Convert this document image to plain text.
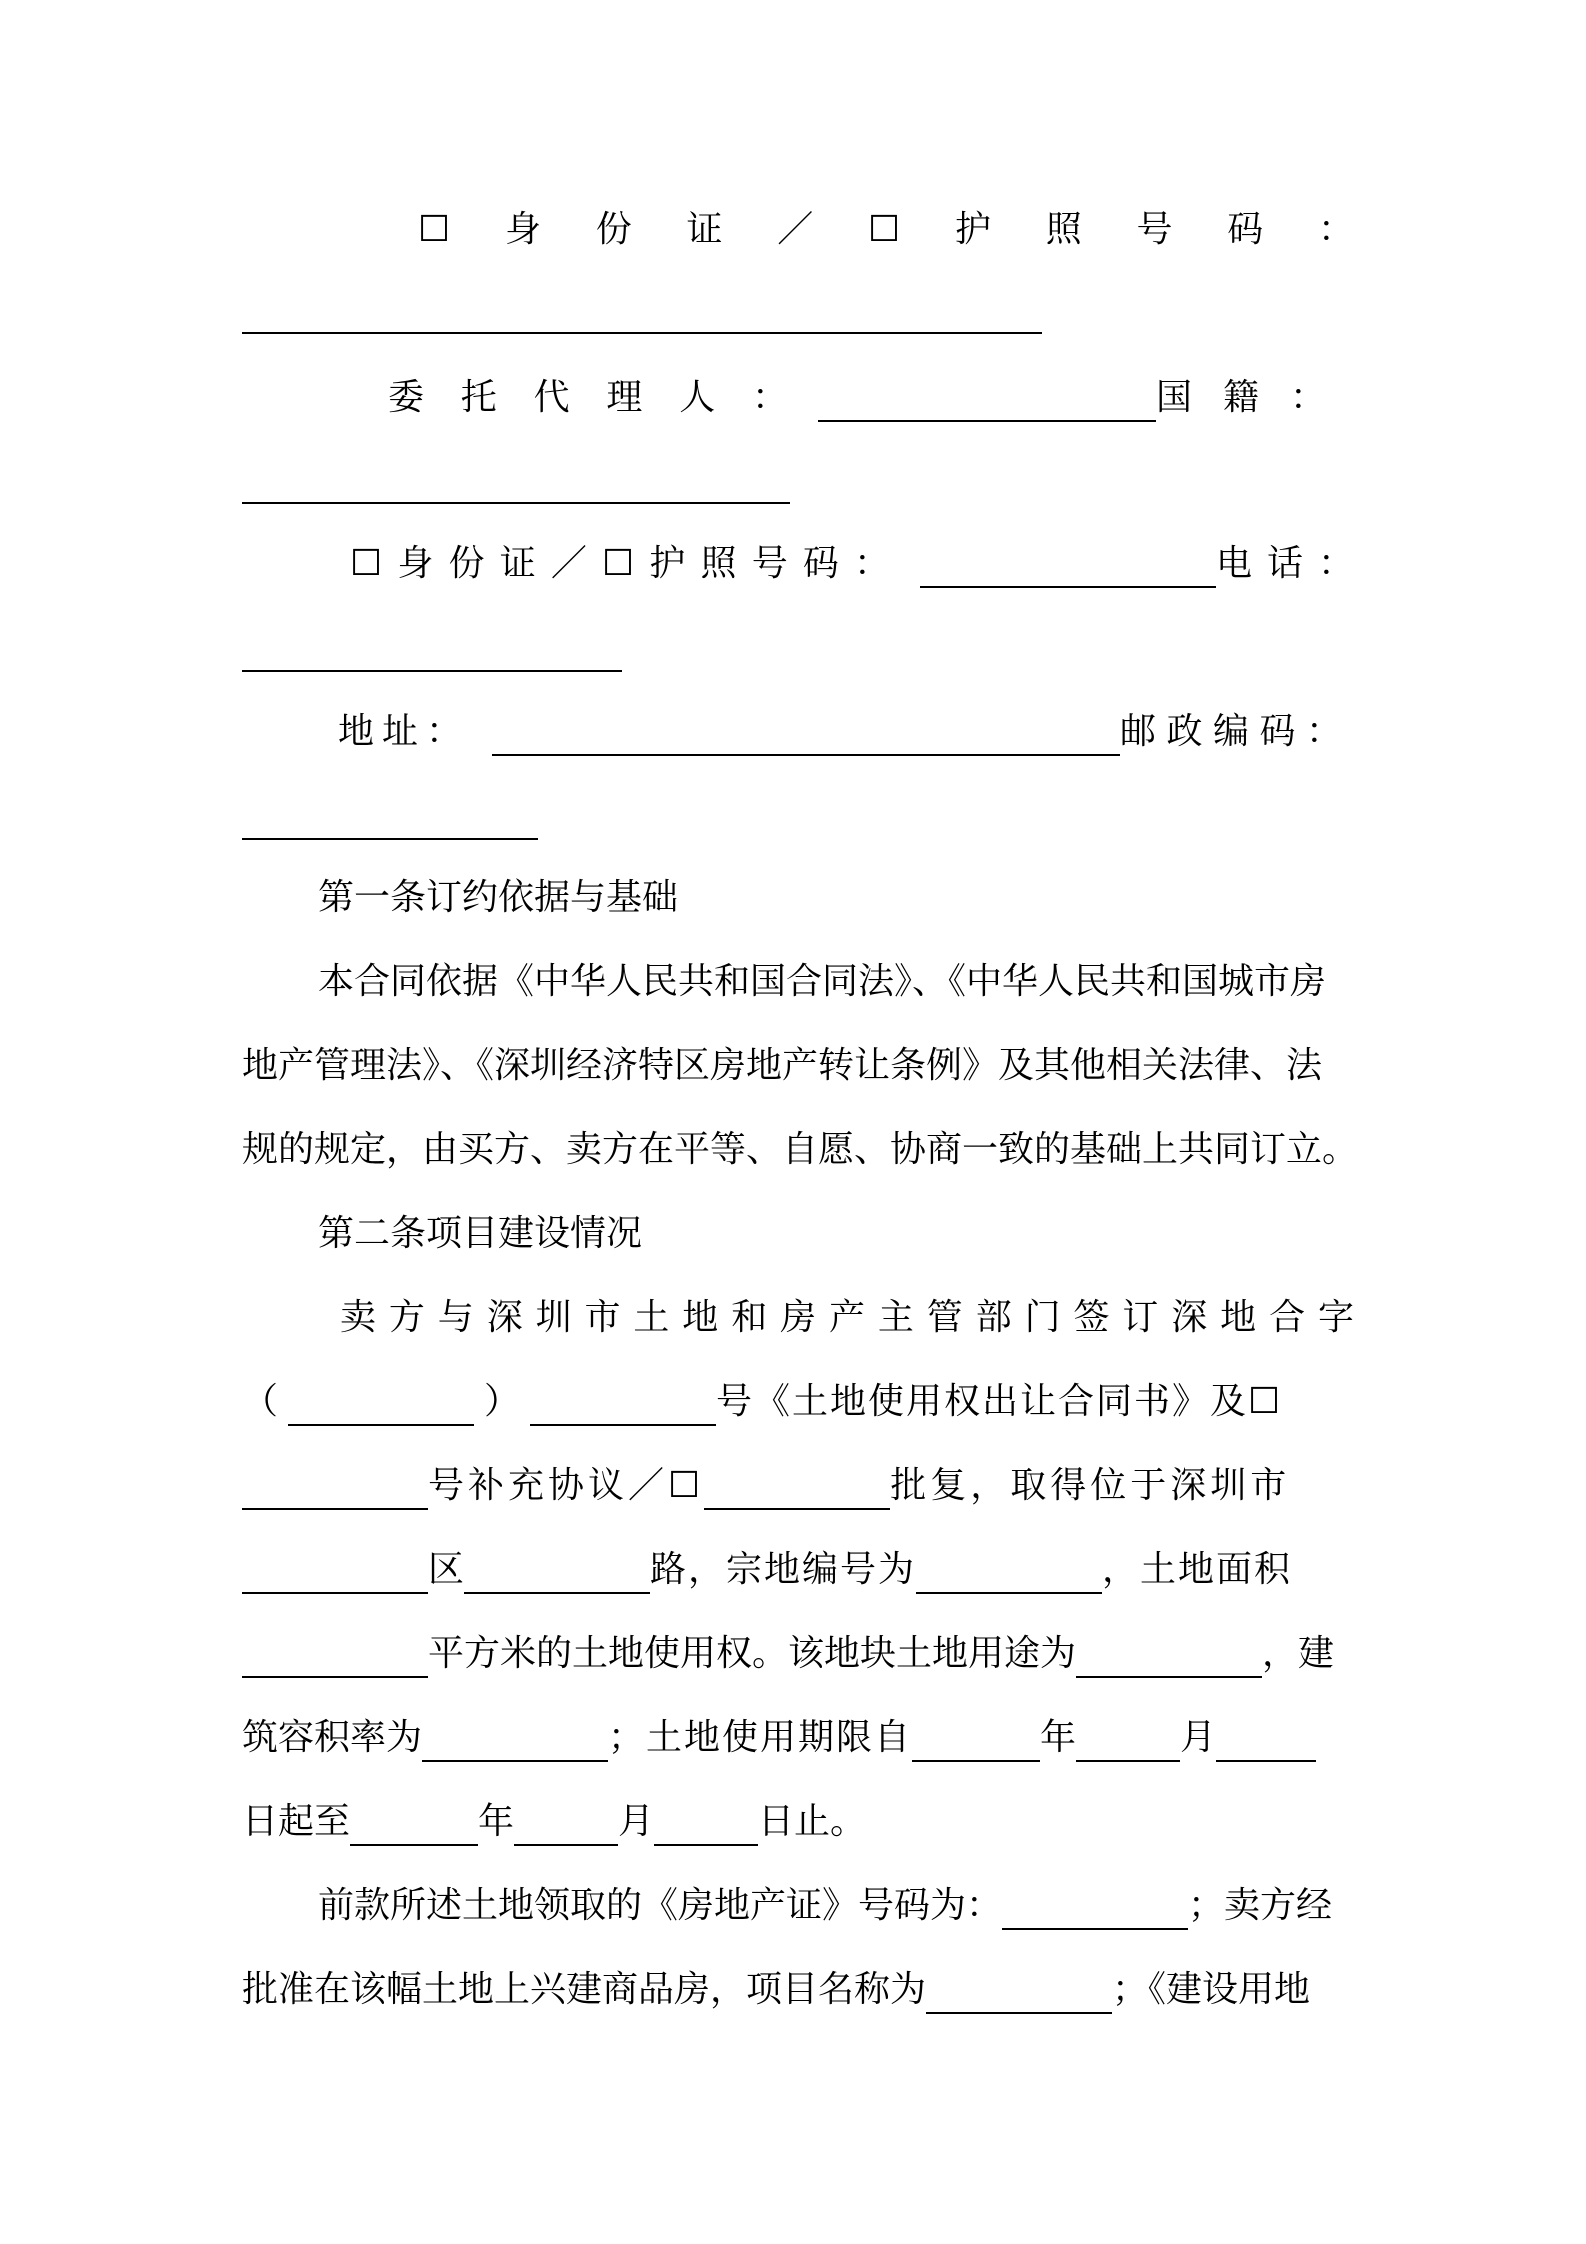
☐身份证／☐护照号码：
委托代理人：	国籍：
☐身份证／☐护照号码：	电话：
地址：	邮政编码：
第一条订约依据与基础
本合同依据《中华人民共和国合同法》、《中华人民共和国城市房
地产管理法》、《深圳经济特区房地产转让条例》及其他相关法律、法
规的规定，由买方、卖方在平等、自愿、协商一致的基础上共同订立。
第二条项目建设情况
卖方与深圳市土地和房产主管部门签订深地合字
（	）	号《土地使用权出让合同书》及☐
号补充协议／☐	批复，取得位于深圳市
区	路，宗地编号为	，土地面积
平方米的土地使用权。该地块土地用途为	，建
筑容积率为	；土地使用期限自	年	月
日起至	年	月	日止。
前款所述土地领取的《房地产证》号码为：	；卖方经
批准在该幅土地上兴建商品房，项目名称为	；《建设用地
